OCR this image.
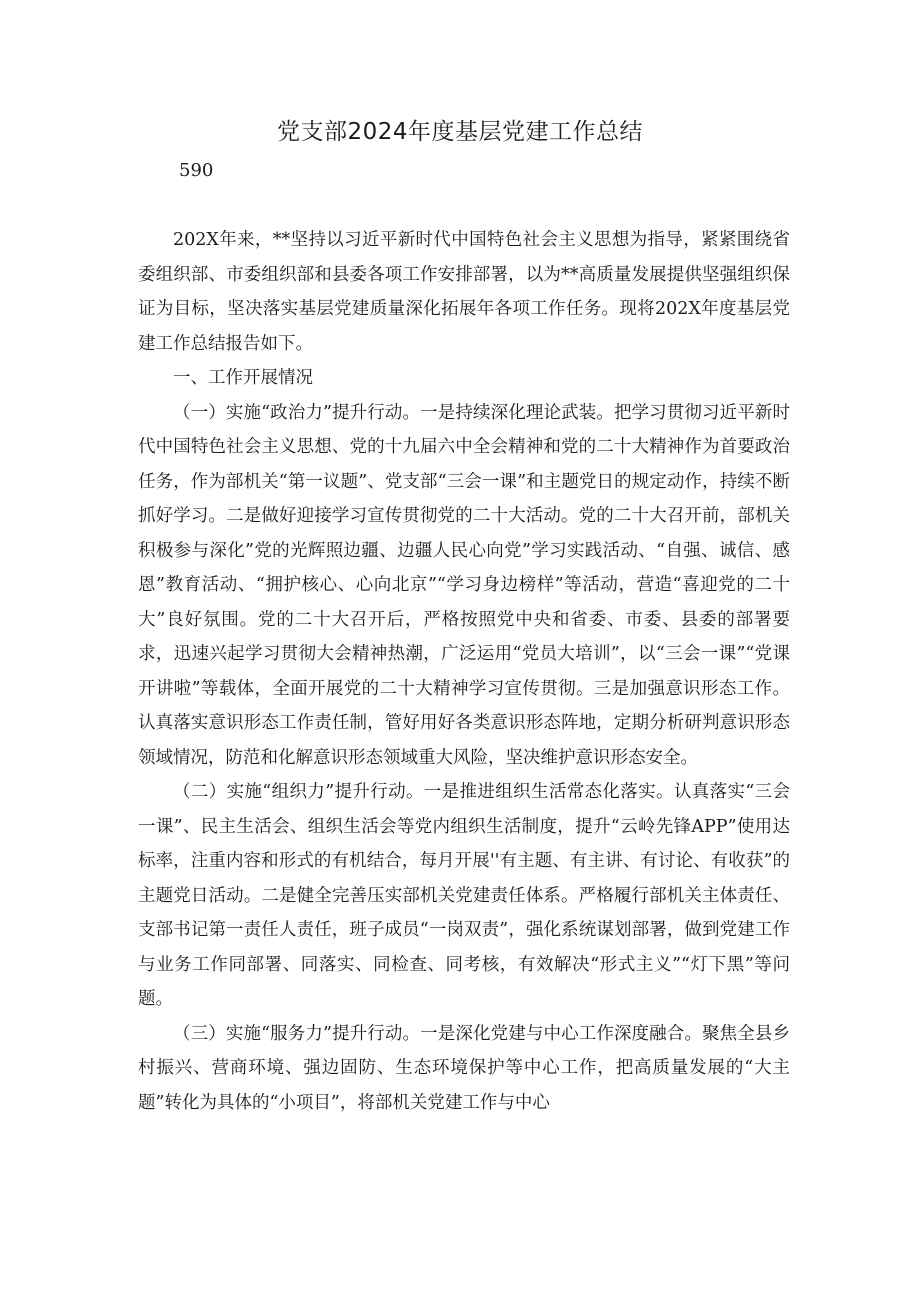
党支部2024年度基层党建工作总结
590

202X年来，**坚持以习近平新时代中国特色社会主义思想为指导，紧紧围绕省委组织部、市委组织部和县委各项工作安排部署，以为**高质量发展提供坚强组织保证为目标，坚决落实基层党建质量深化拓展年各项工作任务。现将202X年度基层党建工作总结报告如下。

一、工作开展情况

（一）实施“政治力”提升行动。一是持续深化理论武装。把学习贯彻习近平新时代中国特色社会主义思想、党的十九届六中全会精神和党的二十大精神作为首要政治任务，作为部机关“第一议题”、党支部“三会一课”和主题党日的规定动作，持续不断抓好学习。二是做好迎接学习宣传贯彻党的二十大活动。党的二十大召开前，部机关积极参与深化”党的光辉照边疆、边疆人民心向党”学习实践活动、“自强、诚信、感恩”教育活动、“拥护核心、心向北京”“学习身边榜样”等活动，营造“喜迎党的二十大”良好氛围。党的二十大召开后，严格按照党中央和省委、市委、县委的部署要求，迅速兴起学习贯彻大会精神热潮，广泛运用“党员大培训”，以“三会一课”“党课开讲啦”等载体，全面开展党的二十大精神学习宣传贯彻。三是加强意识形态工作。认真落实意识形态工作责任制，管好用好各类意识形态阵地，定期分析研判意识形态领域情况，防范和化解意识形态领域重大风险，坚决维护意识形态安全。

（二）实施“组织力”提升行动。一是推进组织生活常态化落实。认真落实“三会一课”、民主生活会、组织生活会等党内组织生活制度，提升“云岭先锋APP”使用达标率，注重内容和形式的有机结合，每月开展''有主题、有主讲、有讨论、有收获”的主题党日活动。二是健全完善压实部机关党建责任体系。严格履行部机关主体责任、支部书记第一责任人责任，班子成员“一岗双责”，强化系统谋划部署，做到党建工作与业务工作同部署、同落实、同检查、同考核，有效解决“形式主义”“灯下黑”等问题。

（三）实施“服务力”提升行动。一是深化党建与中心工作深度融合。聚焦全县乡村振兴、营商环境、强边固防、生态环境保护等中心工作，把高质量发展的“大主题”转化为具体的“小项目”，将部机关党建工作与中心
